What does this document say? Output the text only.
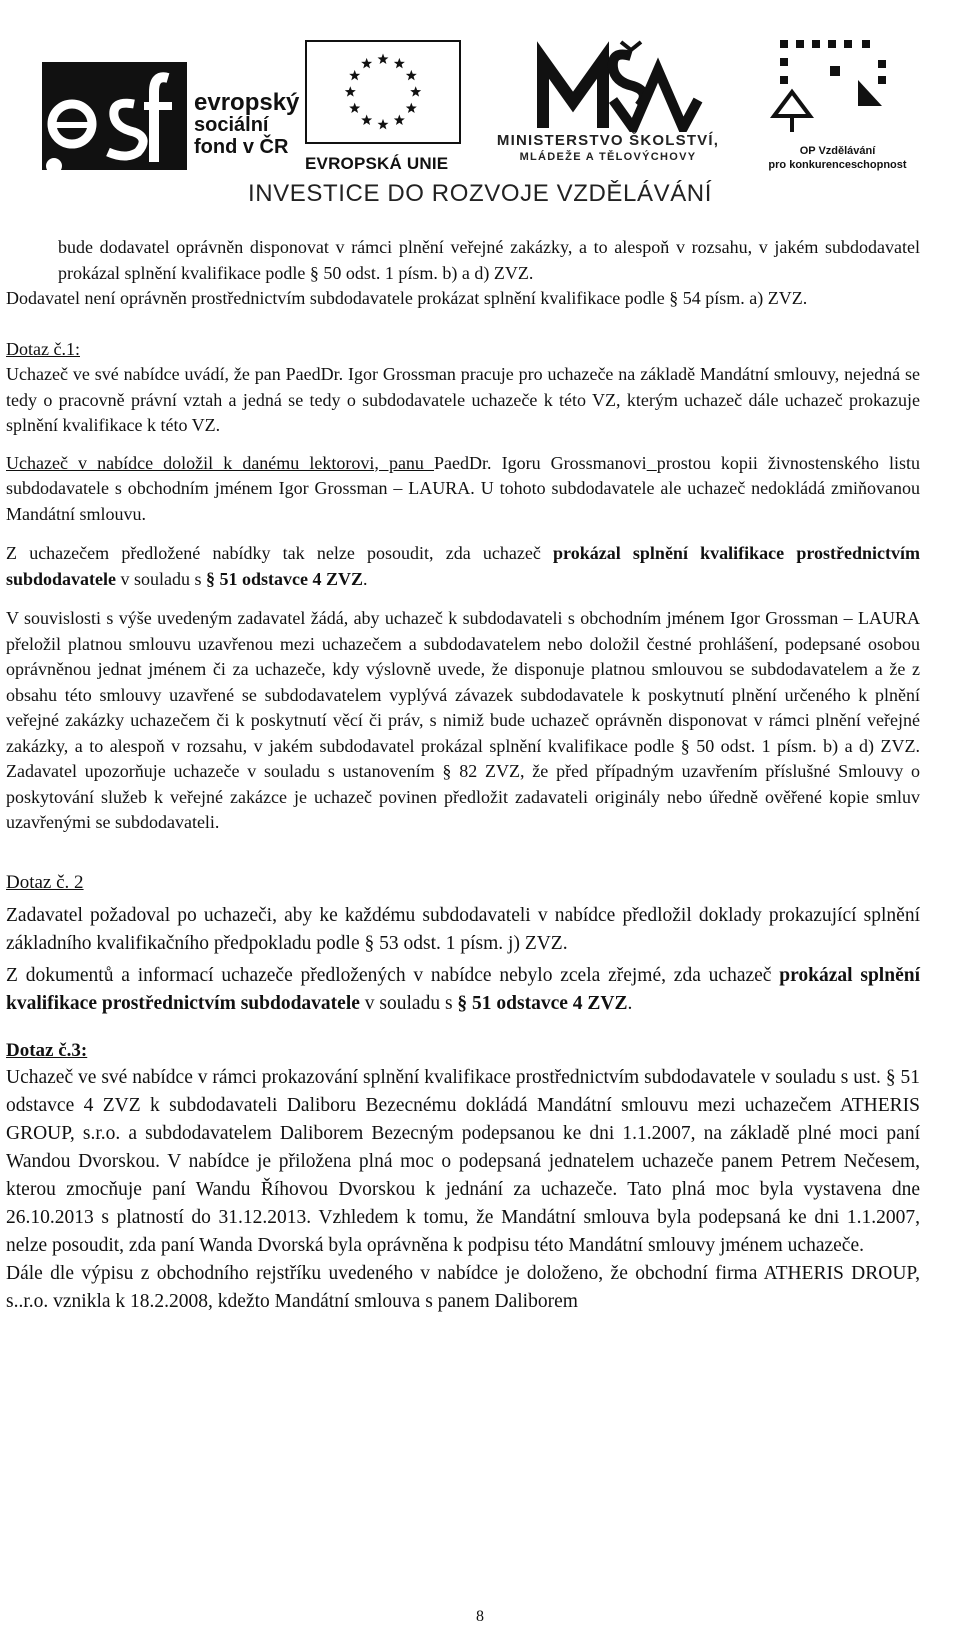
evropský
sociální
fond v ČR
EVROPSKÁ UNIE
MINISTERSTVO ŠKOLSTVÍ,
MLÁDEŽE A TĚLOVÝCHOVY	OP Vzdělávání
pro konkurenceschopnost
INVESTICE DO ROZVOJE VZDĚLÁVÁNÍ

bude dodavatel oprávněn disponovat v rámci plnění veřejné zakázky, a to alespoň v rozsahu, v jakém subdodavatel prokázal splnění kvalifikace podle § 50 odst. 1 písm. b) a d) ZVZ.

Dodavatel není oprávněn prostřednictvím subdodavatele prokázat splnění kvalifikace podle § 54 písm. a) ZVZ.

Dotaz č.1:

Uchazeč ve své nabídce uvádí, že pan PaedDr. Igor Grossman pracuje pro uchazeče na základě Mandátní smlouvy, nejedná se tedy o pracovně právní vztah a jedná se tedy o subdodavatele uchazeče k této VZ, kterým uchazeč dále uchazeč prokazuje splnění kvalifikace k této VZ.

Uchazeč v nabídce doložil k danému lektorovi, panu PaedDr. Igoru Grossmanovi prostou kopii živnostenského listu subdodavatele s obchodním jménem Igor Grossman – LAURA. U tohoto subdodavatele ale uchazeč nedokládá zmiňovanou Mandátní smlouvu.

Z uchazečem předložené nabídky tak nelze posoudit, zda uchazeč prokázal splnění kvalifikace prostřednictvím subdodavatele v souladu s § 51 odstavce 4 ZVZ.

V souvislosti s výše uvedeným zadavatel žádá, aby uchazeč k subdodavateli s obchodním jménem Igor Grossman – LAURA přeložil platnou smlouvu uzavřenou mezi uchazečem a subdodavatelem nebo doložil čestné prohlášení, podepsané osobou oprávněnou jednat jménem či za uchazeče, kdy výslovně uvede, že disponuje platnou smlouvou se subdodavatelem a že z obsahu této smlouvy uzavřené se subdodavatelem vyplývá závazek subdodavatele k poskytnutí plnění určeného k plnění veřejné zakázky uchazečem či k poskytnutí věcí či práv, s nimiž bude uchazeč oprávněn disponovat v rámci plnění veřejné zakázky, a to alespoň v rozsahu, v jakém subdodavatel prokázal splnění kvalifikace podle § 50 odst. 1 písm. b) a d) ZVZ. Zadavatel upozorňuje uchazeče v souladu s ustanovením § 82 ZVZ, že před případným uzavřením příslušné Smlouvy o poskytování služeb k veřejné zakázce je uchazeč povinen předložit zadavateli originály nebo úředně ověřené kopie smluv uzavřenými se subdodavateli.

Dotaz č. 2

Zadavatel požadoval po uchazeči, aby ke každému subdodavateli v nabídce předložil doklady prokazující splnění základního kvalifikačního předpokladu podle § 53 odst. 1 písm. j) ZVZ.

Z dokumentů a informací uchazeče předložených v nabídce nebylo zcela zřejmé, zda uchazeč prokázal splnění kvalifikace prostřednictvím subdodavatele v souladu s § 51 odstavce 4 ZVZ.

Dotaz č.3:

Uchazeč ve své nabídce v rámci prokazování splnění kvalifikace prostřednictvím subdodavatele v souladu s ust. § 51 odstavce 4 ZVZ k subdodavateli Daliboru Bezecnému dokládá Mandátní smlouvu mezi uchazečem ATHERIS GROUP, s.r.o. a subdodavatelem Daliborem Bezecným podepsanou ke dni 1.1.2007, na základě plné moci paní Wandou Dvorskou. V nabídce je přiložena plná moc o podepsaná jednatelem uchazeče panem Petrem Nečesem, kterou zmocňuje paní Wandu Říhovou Dvorskou k jednání za uchazeče. Tato plná moc byla vystavena dne 26.10.2013 s platností do 31.12.2013. Vzhledem k tomu, že Mandátní smlouva byla podepsaná ke dni 1.1.2007, nelze posoudit, zda paní Wanda Dvorská byla oprávněna k podpisu této Mandátní smlouvy jménem uchazeče.

Dále dle výpisu z obchodního rejstříku uvedeného v nabídce je doloženo, že obchodní firma ATHERIS DROUP, s..r.o. vznikla k 18.2.2008, kdežto Mandátní smlouva s panem Daliborem

8
